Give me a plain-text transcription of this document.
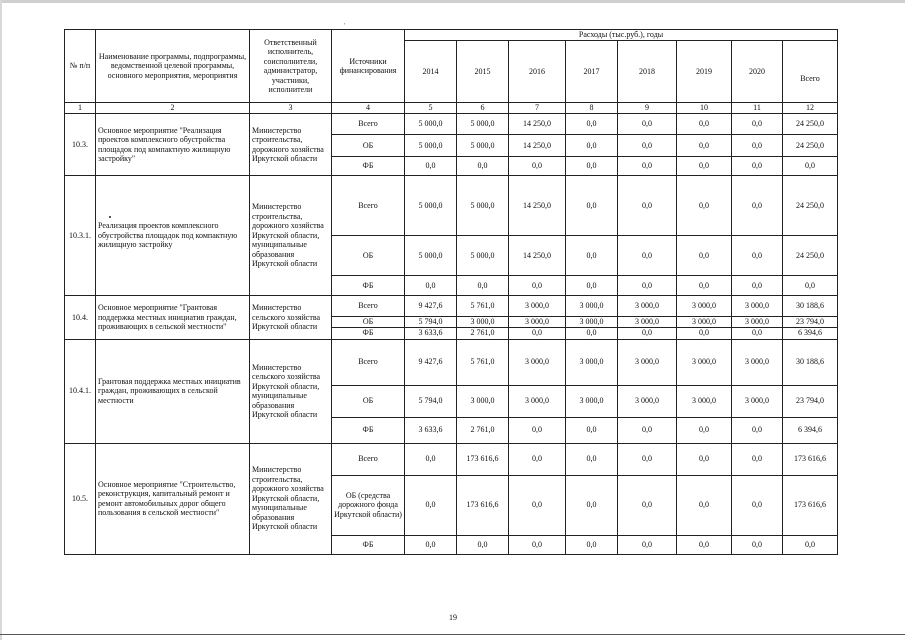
'
№ п/п	Наименование программы, подпрограммы, ведомственной целевой программы, основного мероприятия, мероприятия	Ответственный исполнитель, соисполнители, администратор, участники, исполнители	Источники финансирования	Расходы (тыс.руб.), годы							
				2014	2015	2016	2017	2018	2019	2020	Всего
1	2	3	4	5	6	7	8	9	10	11	12
10.3.	Основное мероприятие "Реализация проектов комплексного обустройства площадок под компактную жилищную застройку"	Министерство строительства, дорожного хозяйства Иркутской области	Всего	5 000,0	5 000,0	14 250,0	0,0	0,0	0,0	0,0	24 250,0
			ОБ	5 000,0	5 000,0	14 250,0	0,0	0,0	0,0	0,0	24 250,0
			ФБ	0,0	0,0	0,0	0,0	0,0	0,0	0,0	0,0
10.3.1.	Реализация проектов комплексного обустройства площадок под компактную жилищную застройку	Министерство строительства, дорожного хозяйства Иркутской области, муниципальные образования Иркутской области	Всего	5 000,0	5 000,0	14 250,0	0,0	0,0	0,0	0,0	24 250,0
			ОБ	5 000,0	5 000,0	14 250,0	0,0	0,0	0,0	0,0	24 250,0
			ФБ	0,0	0,0	0,0	0,0	0,0	0,0	0,0	0,0
10.4.	Основное мероприятие "Грантовая поддержка местных инициатив граждан, проживающих в сельской местности"	Министерство сельского хозяйства Иркутской области	Всего	9 427,6	5 761,0	3 000,0	3 000,0	3 000,0	3 000,0	3 000,0	30 188,6
			ОБ	5 794,0	3 000,0	3 000,0	3 000,0	3 000,0	3 000,0	3 000,0	23 794,0
			ФБ	3 633,6	2 761,0	0,0	0,0	0,0	0,0	0,0	6 394,6
10.4.1.	Грантовая поддержка местных инициатив граждан, проживающих в сельской местности	Министерство сельского хозяйства Иркутской области, муниципальные образования Иркутской области	Всего	9 427,6	5 761,0	3 000,0	3 000,0	3 000,0	3 000,0	3 000,0	30 188,6
			ОБ	5 794,0	3 000,0	3 000,0	3 000,0	3 000,0	3 000,0	3 000,0	23 794,0
			ФБ	3 633,6	2 761,0	0,0	0,0	0,0	0,0	0,0	6 394,6
10.5.	Основное мероприятие "Строительство, реконструкция, капитальный ремонт и ремонт автомобильных дорог общего пользования в сельской местности"	Министерство строительства, дорожного хозяйства Иркутской области, муниципальные образования Иркутской области	Всего	0,0	173 616,6	0,0	0,0	0,0	0,0	0,0	173 616,6
			ОБ (средства дорожного фонда Иркутской области)	0,0	173 616,6	0,0	0,0	0,0	0,0	0,0	173 616,6
			ФБ	0,0	0,0	0,0	0,0	0,0	0,0	0,0	0,0
19
